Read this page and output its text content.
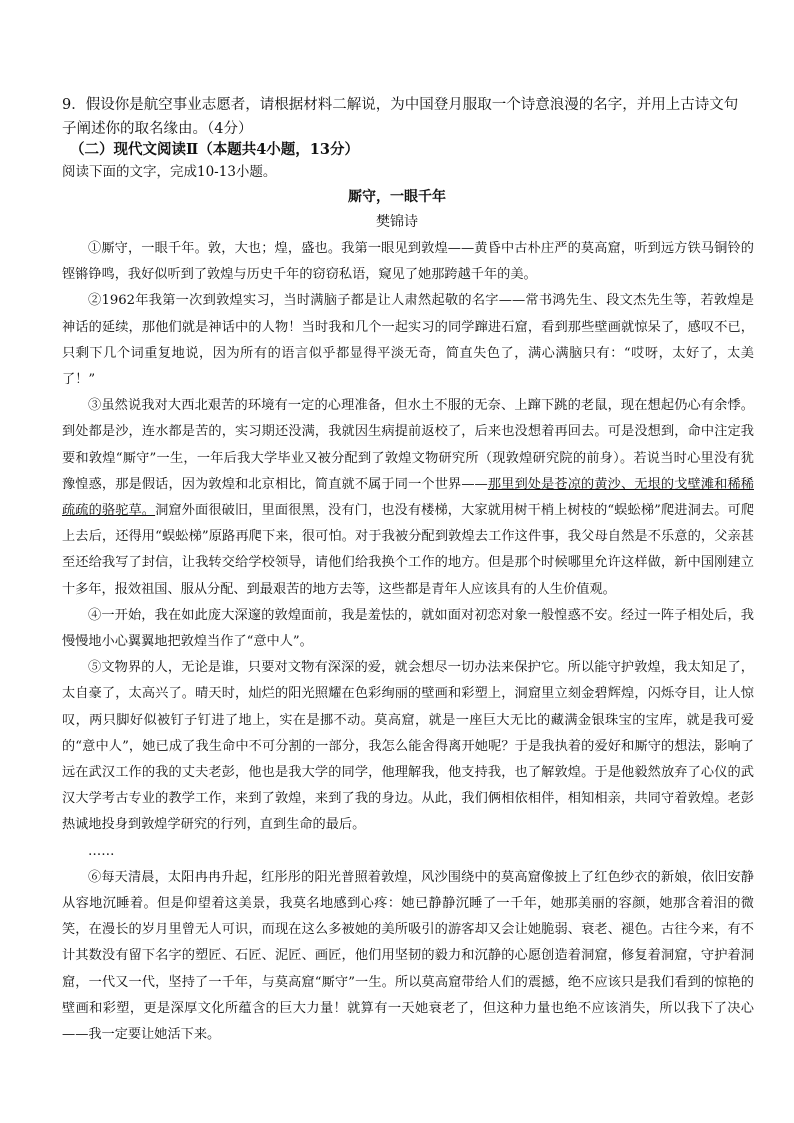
9．假设你是航空事业志愿者，请根据材料二解说，为中国登月服取一个诗意浪漫的名字，并用上古诗文句子阐述你的取名缘由。（4分）
（二）现代文阅读Ⅱ（本题共4小题，13分）
阅读下面的文字，完成10-13小题。
厮守，一眼千年
樊锦诗

①厮守，一眼千年。敦，大也；煌，盛也。我第一眼见到敦煌——黄昏中古朴庄严的莫高窟，听到远方铁马铜铃的铿锵铮鸣，我好似听到了敦煌与历史千年的窃窃私语，窥见了她那跨越千年的美。

②1962年我第一次到敦煌实习，当时满脑子都是让人肃然起敬的名字——常书鸿先生、段文杰先生等，若敦煌是神话的延续，那他们就是神话中的人物！当时我和几个一起实习的同学蹿进石窟，看到那些壁画就惊呆了，感叹不已，只剩下几个词重复地说，因为所有的语言似乎都显得平淡无奇，简直失色了，满心满脑只有：“哎呀，太好了，太美了！”

③虽然说我对大西北艰苦的环境有一定的心理准备，但水土不服的无奈、上蹿下跳的老鼠，现在想起仍心有余悸。到处都是沙，连水都是苦的，实习期还没满，我就因生病提前返校了，后来也没想着再回去。可是没想到，命中注定我要和敦煌“厮守”一生，一年后我大学毕业又被分配到了敦煌文物研究所（现敦煌研究院的前身）。若说当时心里没有犹豫惶惑，那是假话，因为敦煌和北京相比，简直就不属于同一个世界——那里到处是苍凉的黄沙、无垠的戈壁滩和稀稀疏疏的骆驼草。洞窟外面很破旧，里面很黑，没有门，也没有楼梯，大家就用树干梢上树枝的“蜈蚣梯”爬进洞去。可爬上去后，还得用“蜈蚣梯”原路再爬下来，很可怕。对于我被分配到敦煌去工作这件事，我父母自然是不乐意的，父亲甚至还给我写了封信，让我转交给学校领导，请他们给我换个工作的地方。但是那个时候哪里允许这样做，新中国刚建立十多年，报效祖国、服从分配、到最艰苦的地方去等，这些都是青年人应该具有的人生价值观。

④一开始，我在如此庞大深邃的敦煌面前，我是羞怯的，就如面对初恋对象一般惶惑不安。经过一阵子相处后，我慢慢地小心翼翼地把敦煌当作了“意中人”。

⑤文物界的人，无论是谁，只要对文物有深深的爱，就会想尽一切办法来保护它。所以能守护敦煌，我太知足了，太自豪了，太高兴了。晴天时，灿烂的阳光照耀在色彩绚丽的壁画和彩塑上，洞窟里立刻金碧辉煌，闪烁夺目，让人惊叹，两只脚好似被钉子钉进了地上，实在是挪不动。莫高窟，就是一座巨大无比的藏满金银珠宝的宝库，就是我可爱的“意中人”，她已成了我生命中不可分割的一部分，我怎么能舍得离开她呢？于是我执着的爱好和厮守的想法，影响了远在武汉工作的我的丈夫老彭，他也是我大学的同学，他理解我，他支持我，也了解敦煌。于是他毅然放弃了心仪的武汉大学考古专业的教学工作，来到了敦煌，来到了我的身边。从此，我们俩相依相伴，相知相亲，共同守着敦煌。老彭热诚地投身到敦煌学研究的行列，直到生命的最后。

……

⑥每天清晨，太阳冉冉升起，红彤彤的阳光普照着敦煌，风沙围绕中的莫高窟像披上了红色纱衣的新娘，依旧安静从容地沉睡着。但是仰望着这美景，我莫名地感到心疼：她已静静沉睡了一千年，她那美丽的容颜，她那含着泪的微笑，在漫长的岁月里曾无人可识，而现在这么多被她的美所吸引的游客却又会让她脆弱、衰老、褪色。古往今来，有不计其数没有留下名字的塑匠、石匠、泥匠、画匠，他们用坚韧的毅力和沉静的心愿创造着洞窟，修复着洞窟，守护着洞窟，一代又一代，坚持了一千年，与莫高窟“厮守”一生。所以莫高窟带给人们的震撼，绝不应该只是我们看到的惊艳的壁画和彩塑，更是深厚文化所蕴含的巨大力量！就算有一天她衰老了，但这种力量也绝不应该消失，所以我下了决心——我一定要让她活下来。
